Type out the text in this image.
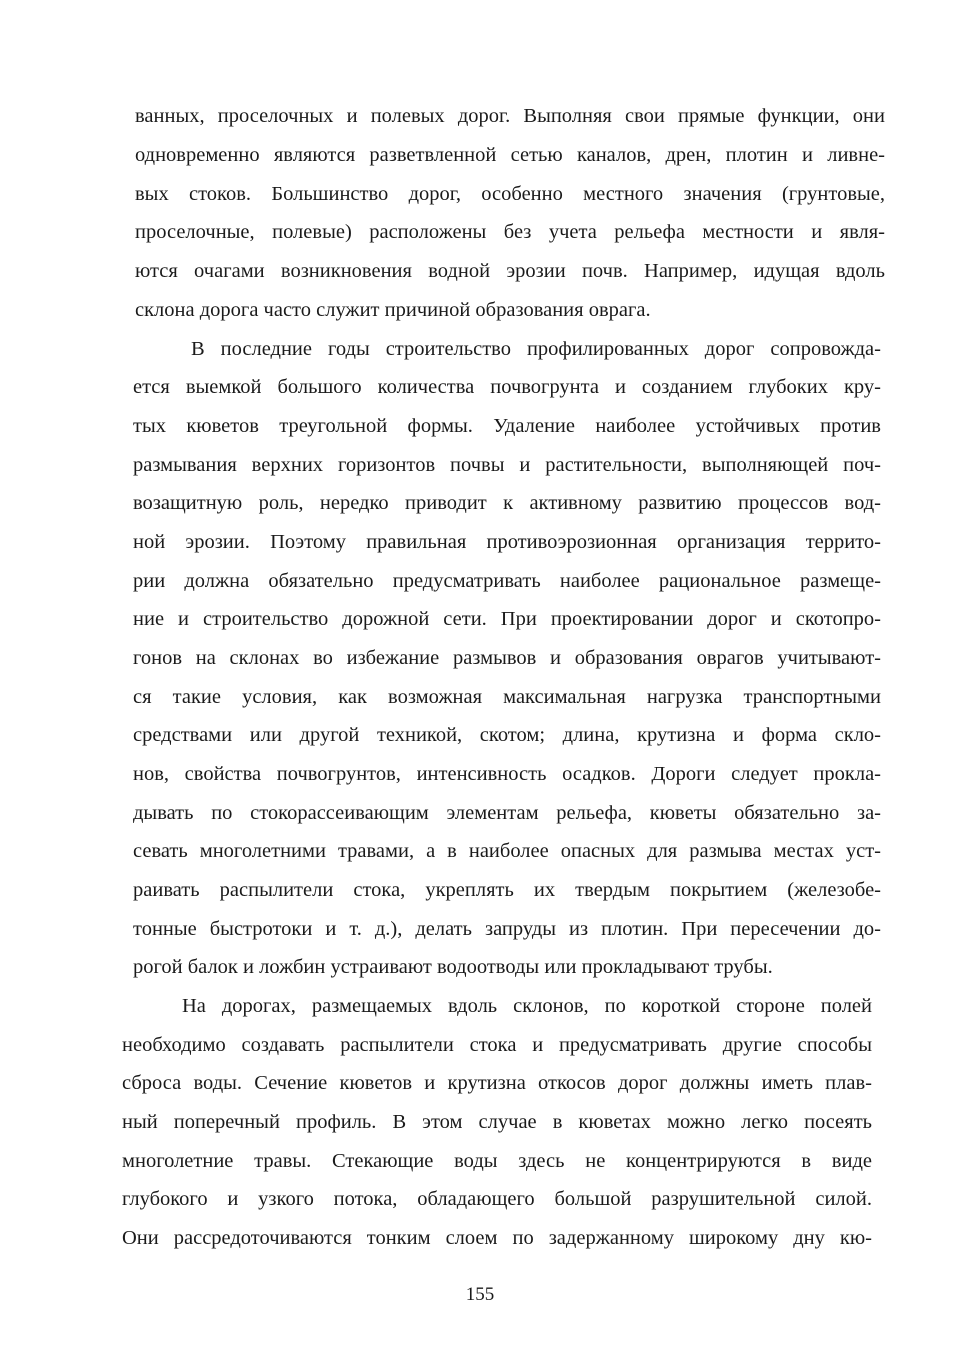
ванных, проселочных и полевых дорог. Выполняя свои прямые функции, они

одновременно являются разветвленной сетью каналов, дрен, плотин и ливне-

вых стоков. Большинство дорог, особенно местного значения (грунтовые,

проселочные, полевые) расположены без учета рельефа местности и явля-

ются очагами возникновения водной эрозии почв. Например, идущая вдоль

склона дорога часто служит причиной образования оврага.

В последние годы строительство профилированных дорог сопровожда-

ется выемкой большого количества почвогрунта и созданием глубоких кру-

тых кюветов треугольной формы. Удаление наиболее устойчивых против

размывания верхних горизонтов почвы и растительности, выполняющей поч-

возащитную роль, нередко приводит к активному развитию процессов вод-

ной эрозии. Поэтому правильная противоэрозионная организация террито-

рии должна обязательно предусматривать наиболее рациональное размеще-

ние и строительство дорожной сети. При проектировании дорог и скотопро-

гонов на склонах во избежание размывов и образования оврагов учитывают-

ся такие условия, как возможная максимальная нагрузка транспортными

средствами или другой техникой, скотом; длина, крутизна и форма скло-

нов, свойства почвогрунтов, интенсивность осадков. Дороги следует прокла-

дывать по стокорассеивающим элементам рельефа, кюветы обязательно за-

севать многолетними травами, а в наиболее опасных для размыва местах уст-

раивать распылители стока, укреплять их твердым покрытием (железобе-

тонные быстротоки и т. д.), делать запруды из плотин. При пересечении до-

рогой балок и ложбин устраивают водоотводы или прокладывают трубы.

На дорогах, размещаемых вдоль склонов, по короткой стороне полей

необходимо создавать распылители стока и предусматривать другие способы

сброса воды. Сечение кюветов и крутизна откосов дорог должны иметь плав-

ный поперечный профиль. В этом случае в кюветах можно легко посеять

многолетние травы. Стекающие воды здесь не концентрируются в виде

глубокого и узкого потока, обладающего большой разрушительной силой.

Они рассредоточиваются тонким слоем по задержанному широкому дну кю-

155
